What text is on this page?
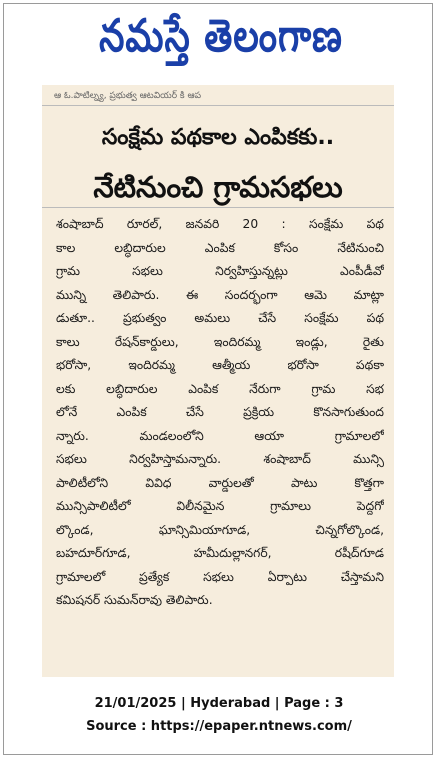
నమస్తే తెలంగాణ
ఆ ఓ.పాటిల్న్య, ప్రభుత్వ ఆటవియర్ కి ఆప
సంక్షేమ పథకాల ఎంపికకు..
నేటినుంచి గ్రామసభలు
శంషాబాద్ రూరల్, జనవరి 20 : సంక్షేమ పథ
కాల లబ్ధిదారుల ఎంపిక కోసం నేటినుంచి
గ్రామ సభలు నిర్వహిస్తున్నట్లు ఎంపీడీవో
మున్ని తెలిపారు. ఈ సందర్భంగా ఆమె మాట్లా
డుతూ.. ప్రభుత్వం అమలు చేసే సంక్షేమ పథ
కాలు రేషన్‌కార్డులు, ఇందిరమ్మ ఇండ్లు, రైతు
భరోసా, ఇందిరమ్మ ఆత్మీయ భరోసా పథకా
లకు లబ్ధిదారుల ఎంపిక నేరుగా గ్రామ సభ
లోనే ఎంపిక చేసే ప్రక్రియ కొనసాగుతుంద
న్నారు. మండలంలోని ఆయా గ్రామాలలో
సభలు నిర్వహిస్తామన్నారు. శంషాబాద్ మున్సి
పాలిటీలోని వివిధ వార్డులతో పాటు కొత్తగా
మున్సిపాలిటీలో విలీనమైన గ్రామాలు పెద్దగో
ల్కొండ, ఘాన్సిమియాగూడ, చిన్నగోల్కొండ,
బహదూర్‌గూడ, హమీదుల్లానగర్, రషీద్‌గూడ
గ్రామాలలో ప్రత్యేక సభలు ఏర్పాటు చేస్తామని
కమిషనర్ సుమన్‌రావు తెలిపారు.
21/01/2025 | Hyderabad | Page : 3
Source : https://epaper.ntnews.com/
